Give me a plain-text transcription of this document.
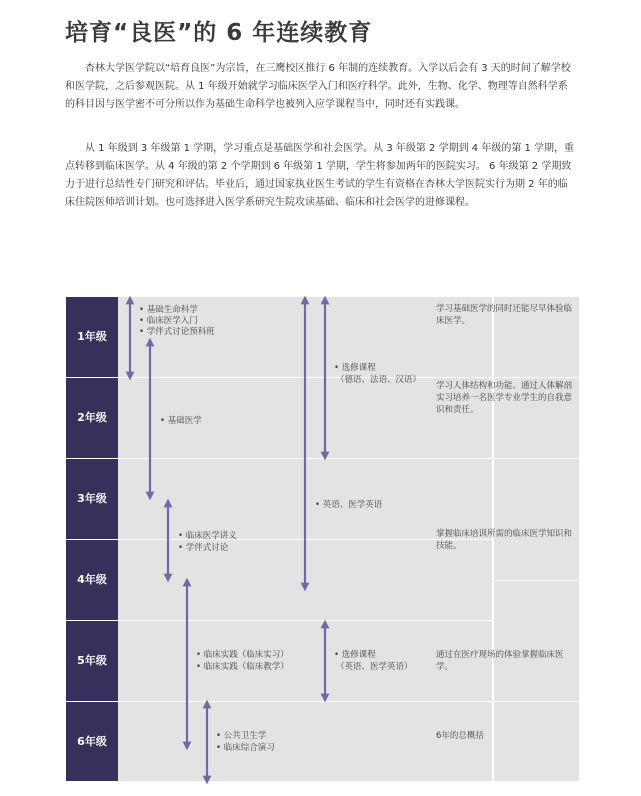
培育“良医”的 6 年连续教育

杏林大学医学院以“培育良医”为宗旨，在三鹰校区推行 6 年制的连续教育。入学以后会有 3 天的时间了解学校和医学院，之后参观医院。从 1 年级开始就学习临床医学入门和医疗科学。此外，生物、化学、物理等自然科学系的科目因与医学密不可分所以作为基础生命科学也被列入应学课程当中，同时还有实践课。

从 1 年级到 3 年级第 1 学期，学习重点是基础医学和社会医学。从 3 年级第 2 学期到 4 年级的第 1 学期，重点转移到临床医学。从 4 年级的第 2 个学期到 6 年级第 1 学期，学生将参加两年的医院实习。 6 年级第 2 学期致力于进行总结性专门研究和评估。毕业后，通过国家执业医生考试的学生有资格在杏林大学医院实行为期 2 年的临床住院医师培训计划。也可选择进入医学系研究生院攻读基础、临床和社会医学的进修课程。

1年级
2年级
3年级
4年级
5年级
6年级
• 基础生命科学
• 临床医学入门
• 学伴式讨论预科班
• 基础医学
• 选修课程
（德语、法语、汉语）
• 英语、医学英语
• 临床医学讲义
• 学伴式讨论
• 临床实践（临床实习）
• 临床实践（临床教学）
• 选修课程
（英语、医学英语）
• 公共卫生学
• 临床综合演习
学习基础医学的同时还能尽早体验临床医学。
学习人体结构和功能。通过人体解剖实习培养一名医学专业学生的自我意识和责任。
掌握临床培训所需的临床医学知识和技能。
通过在医疗现场的体验掌握临床医学。
6年的总概括
